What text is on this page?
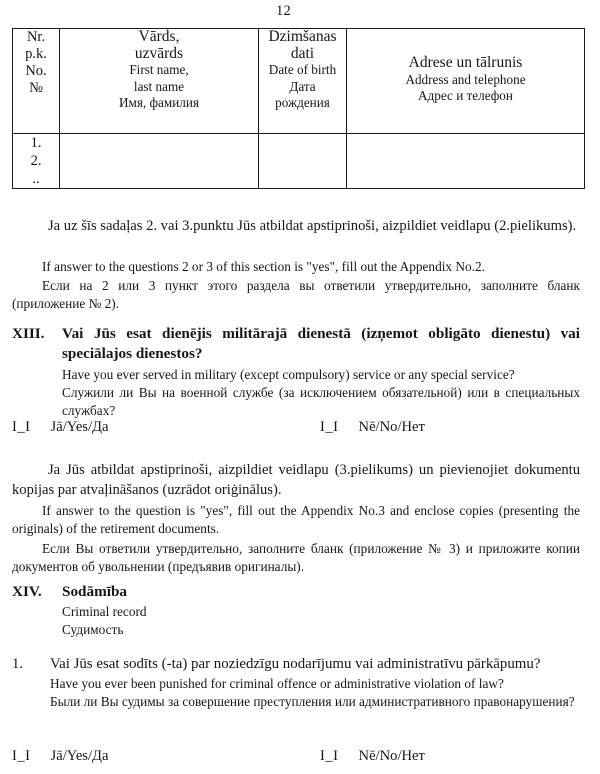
12
Nr.
p.k.
No.
№	Vārds,
uzvārds
First name,
last name
Имя, фамилия	Dzimšanas
dati
Date of birth
Дата
рождения	Adrese un tālrunis
Address and telephone
Адрес и телефон

1.
2.
..			

Ja uz šīs sadaļas 2. vai 3.punktu Jūs atbildat apstiprinoši, aizpildiet veidlapu (2.pielikums).
If answer to the questions 2 or 3 of this section is "yes", fill out the Appendix No.2.
Если на 2 или 3 пункт этого раздела вы ответили утвердительно, заполните бланк (приложение № 2).
XIII.	Vai Jūs esat dienējis militārajā dienestā (izņemot obligāto dienestu) vai speciālajos dienestos?
Have you ever served in military (except compulsory) service or any special service?
Служили ли Вы на военной службе (за исключением обязательной) или в специальных службах?
I_I Jā/Yes/Да	I_I Nē/No/Нет
Ja Jūs atbildat apstiprinoši, aizpildiet veidlapu (3.pielikums) un pievienojiet dokumentu kopijas par atvaļināšanos (uzrādot oriġinālus).
If answer to the question is "yes", fill out the Appendix No.3 and enclose copies (presenting the originals) of the retirement documents.
Если Вы ответили утвердительно, заполните бланк (приложение № 3) и приложите копии документов об увольнении (предъявив оригиналы).
XIV.	Sodāmība
Criminal record
Судимость
1.	Vai Jūs esat sodīts (-ta) par noziedzīgu nodarījumu vai administratīvu pārkāpumu?
Have you ever been punished for criminal offence or administrative violation of law?
Были ли Вы судимы за совершение преступления или административного правонарушения?
I_I Jā/Yes/Да	I_I Nē/No/Нет
